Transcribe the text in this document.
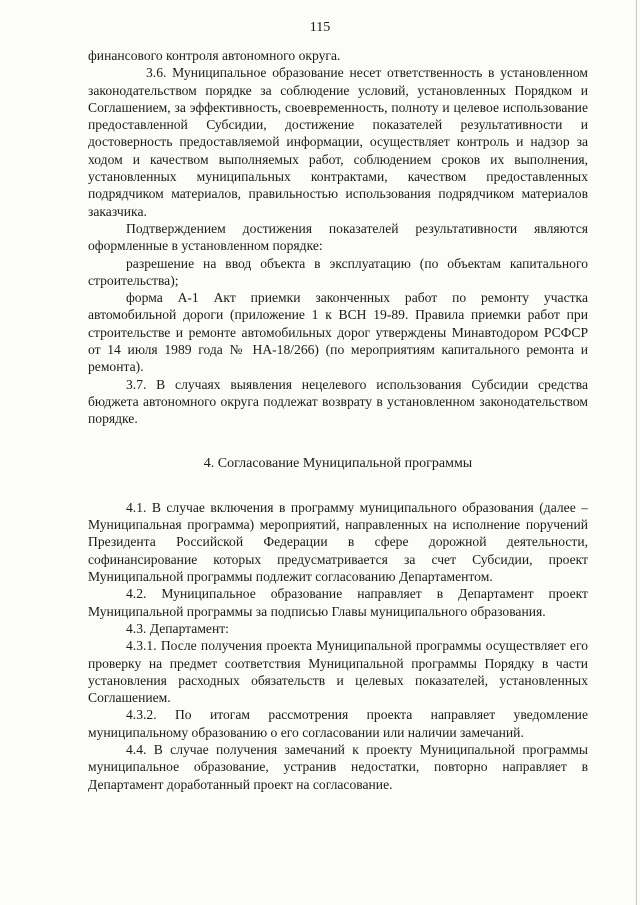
115

финансового контроля автономного округа.

3.6. Муниципальное образование несет ответственность в установленном законодательством порядке за соблюдение условий, установленных Порядком и Соглашением, за эффективность, своевременность, полноту и целевое использование предоставленной Субсидии, достижение показателей результативности и достоверность предоставляемой информации, осуществляет контроль и надзор за ходом и качеством выполняемых работ, соблюдением сроков их выполнения, установленных муниципальных контрактами, качеством предоставленных подрядчиком материалов, правильностью использования подрядчиком материалов заказчика.

Подтверждением достижения показателей результативности являются оформленные в установленном порядке:

разрешение на ввод объекта в эксплуатацию (по объектам капитального строительства);

форма А-1 Акт приемки законченных работ по ремонту участка автомобильной дороги (приложение 1 к ВСН 19-89. Правила приемки работ при строительстве и ремонте автомобильных дорог утверждены Минавтодором РСФСР от 14 июля 1989 года № НА-18/266) (по мероприятиям капитального ремонта и ремонта).

3.7. В случаях выявления нецелевого использования Субсидии средства бюджета автономного округа подлежат возврату в установленном законодательством порядке.

4. Согласование Муниципальной программы

4.1. В случае включения в программу муниципального образования (далее – Муниципальная программа) мероприятий, направленных на исполнение поручений Президента Российской Федерации в сфере дорожной деятельности, софинансирование которых предусматривается за счет Субсидии, проект Муниципальной программы подлежит согласованию Департаментом.

4.2. Муниципальное образование направляет в Департамент проект Муниципальной программы за подписью Главы муниципального образования.

4.3. Департамент:

4.3.1. После получения проекта Муниципальной программы осуществляет его проверку на предмет соответствия Муниципальной программы Порядку в части установления расходных обязательств и целевых показателей, установленных Соглашением.

4.3.2. По итогам рассмотрения проекта направляет уведомление муниципальному образованию о его согласовании или наличии замечаний.

4.4. В случае получения замечаний к проекту Муниципальной программы муниципальное образование, устранив недостатки, повторно направляет в Департамент доработанный проект на согласование.
